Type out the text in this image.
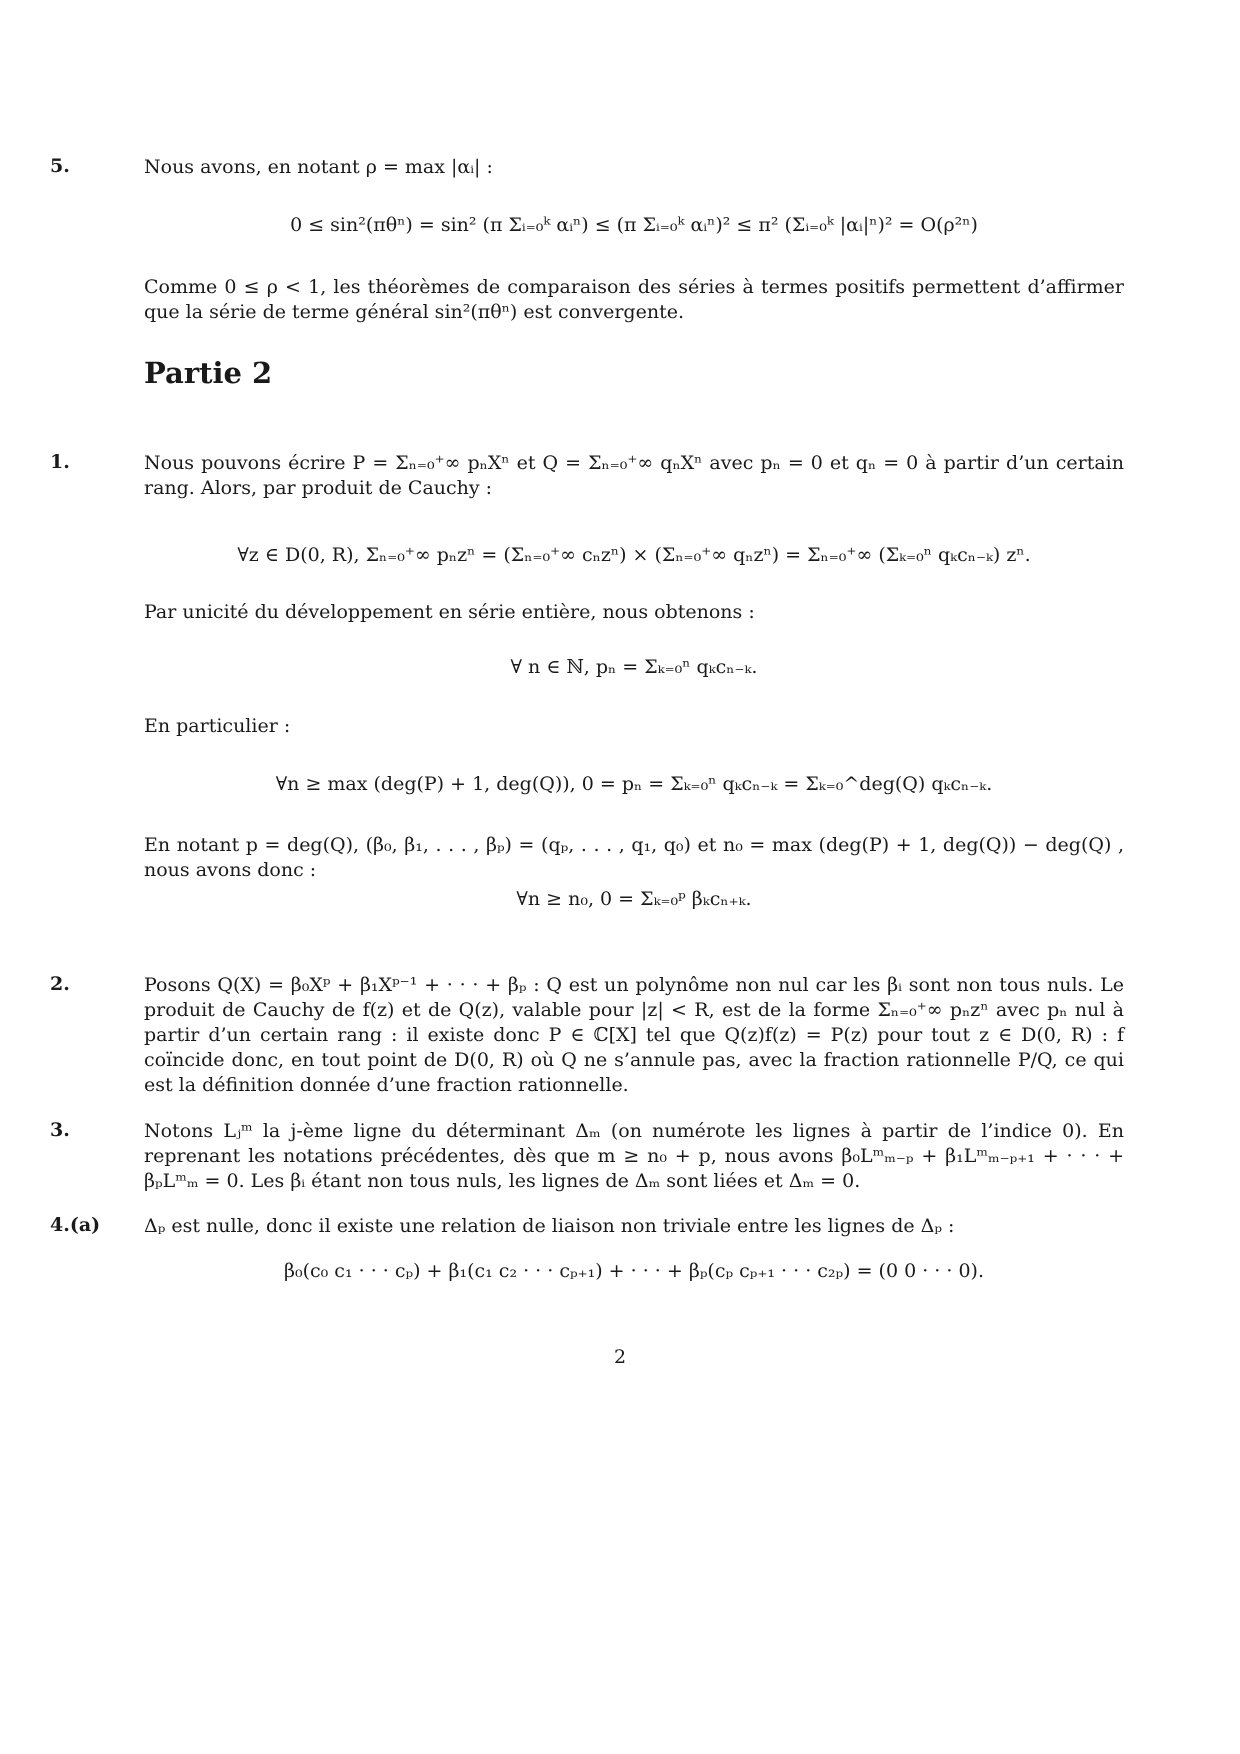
5.	Nous avons, en notant ρ = max |αᵢ| :
0 ≤ sin²(πθⁿ) = sin² (π Σᵢ₌₀ᵏ αᵢⁿ) ≤ (π Σᵢ₌₀ᵏ αᵢⁿ)² ≤ π² (Σᵢ₌₀ᵏ |αᵢ|ⁿ)² = O(ρ²ⁿ)
Comme 0 ≤ ρ < 1, les théorèmes de comparaison des séries à termes positifs permettent d’affirmer que la série de terme général sin²(πθⁿ) est convergente.
Partie 2
1.	Nous pouvons écrire P = Σₙ₌₀⁺∞ pₙXⁿ et Q = Σₙ₌₀⁺∞ qₙXⁿ avec pₙ = 0 et qₙ = 0 à partir d’un certain rang. Alors, par produit de Cauchy :
∀z ∈ D(0, R), Σₙ₌₀⁺∞ pₙzⁿ = (Σₙ₌₀⁺∞ cₙzⁿ) × (Σₙ₌₀⁺∞ qₙzⁿ) = Σₙ₌₀⁺∞ (Σₖ₌₀ⁿ qₖcₙ₋ₖ) zⁿ.
Par unicité du développement en série entière, nous obtenons :
∀ n ∈ ℕ, pₙ = Σₖ₌₀ⁿ qₖcₙ₋ₖ.
En particulier :
∀n ≥ max (deg(P) + 1, deg(Q)), 0 = pₙ = Σₖ₌₀ⁿ qₖcₙ₋ₖ = Σₖ₌₀^deg(Q) qₖcₙ₋ₖ.
En notant p = deg(Q), (β₀, β₁, . . . , βₚ) = (qₚ, . . . , q₁, q₀) et n₀ = max (deg(P) + 1, deg(Q)) − deg(Q) , nous avons donc :
∀n ≥ n₀, 0 = Σₖ₌₀ᵖ βₖcₙ₊ₖ.
2.	Posons Q(X) = β₀Xᵖ + β₁Xᵖ⁻¹ + · · · + βₚ : Q est un polynôme non nul car les βᵢ sont non tous nuls. Le produit de Cauchy de f(z) et de Q(z), valable pour |z| < R, est de la forme Σₙ₌₀⁺∞ pₙzⁿ avec pₙ nul à partir d’un certain rang : il existe donc P ∈ ℂ[X] tel que Q(z)f(z) = P(z) pour tout z ∈ D(0, R) : f coïncide donc, en tout point de D(0, R) où Q ne s’annule pas, avec la fraction rationnelle P/Q, ce qui est la définition donnée d’une fraction rationnelle.
3.	Notons Lⱼᵐ la j-ème ligne du déterminant Δₘ (on numérote les lignes à partir de l’indice 0). En reprenant les notations précédentes, dès que m ≥ n₀ + p, nous avons β₀Lᵐₘ₋ₚ + β₁Lᵐₘ₋ₚ₊₁ + · · · + βₚLᵐₘ = 0. Les βᵢ étant non tous nuls, les lignes de Δₘ sont liées et Δₘ = 0.
4.(a) Δₚ est nulle, donc il existe une relation de liaison non triviale entre les lignes de Δₚ :
β₀(c₀ c₁ · · · cₚ) + β₁(c₁ c₂ · · · cₚ₊₁) + · · · + βₚ(cₚ cₚ₊₁ · · · c₂ₚ) = (0 0 · · · 0).
2
